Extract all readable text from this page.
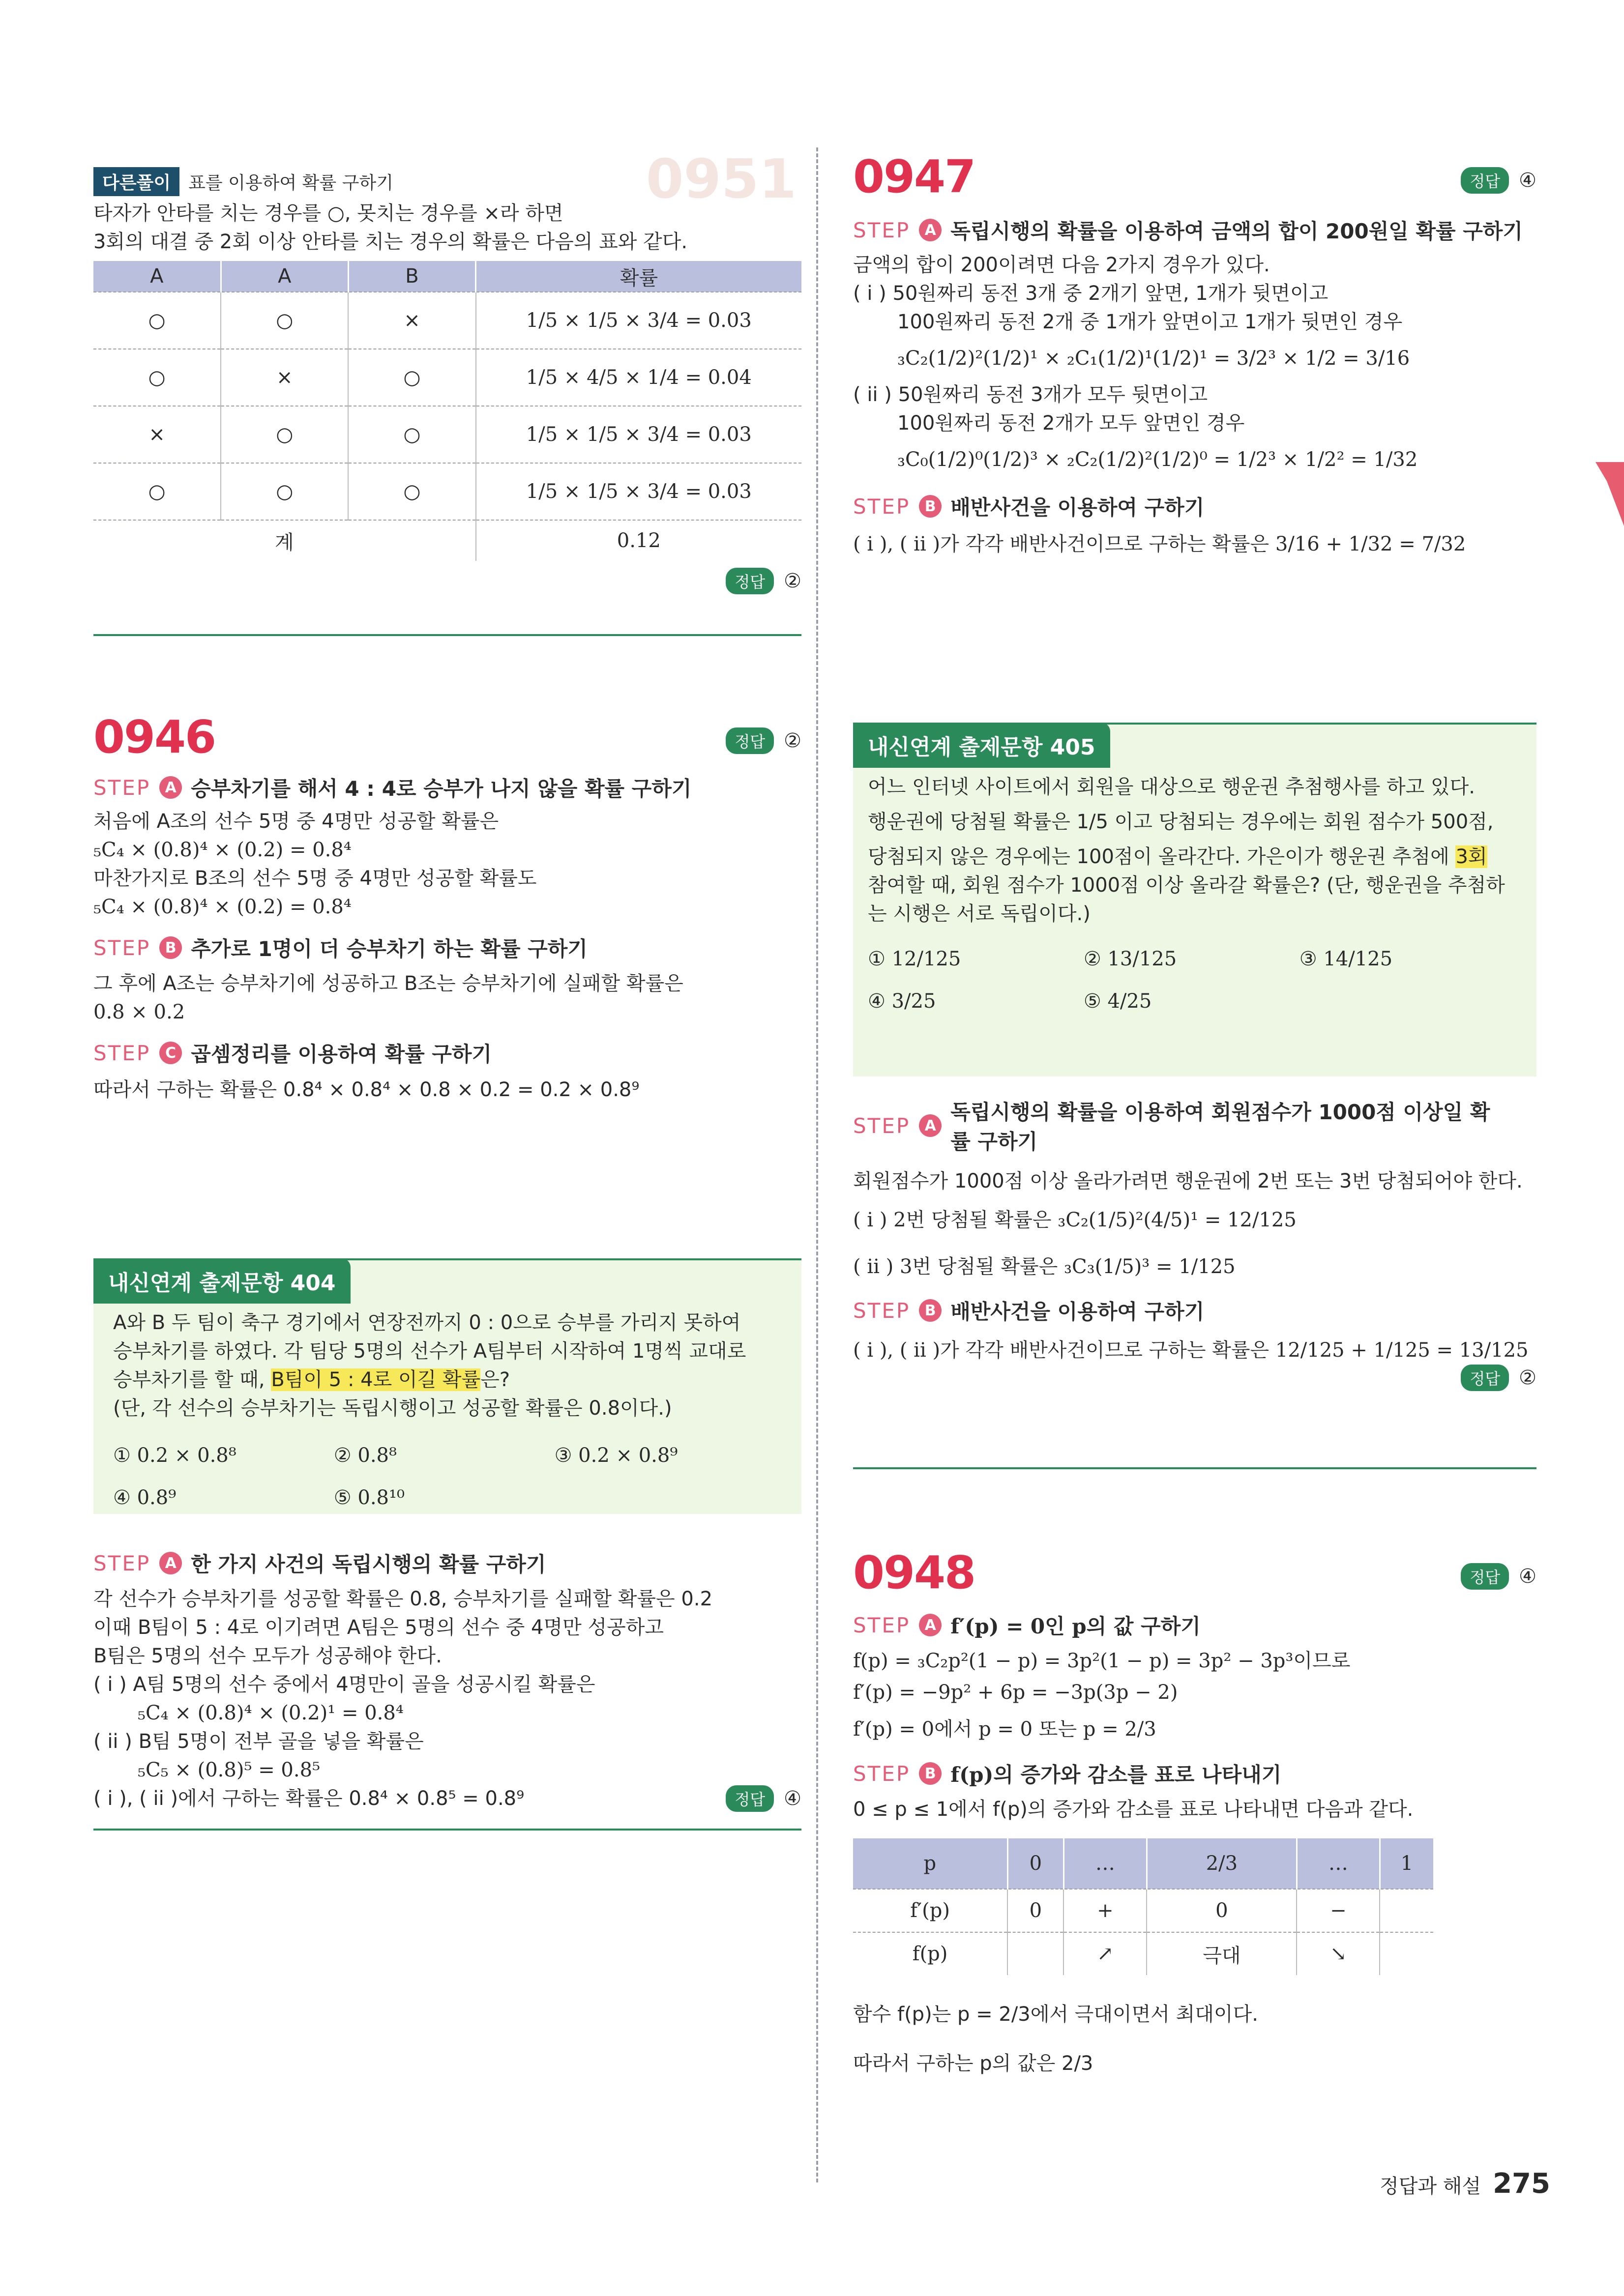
0951
다른풀이	표를 이용하여 확률 구하기
타자가 안타를 치는 경우를 ○, 못치는 경우를 ×라 하면
3회의 대결 중 2회 이상 안타를 치는 경우의 확률은 다음의 표와 같다.
A	A	B	확률
○	○	×	1/5 × 1/5 × 3/4 = 0.03
○	×	○	1/5 × 4/5 × 1/4 = 0.04
×	○	○	1/5 × 1/5 × 3/4 = 0.03
○	○	○	1/5 × 1/5 × 3/4 = 0.03
계			0.12
정답 ②
0946	정답 ②
STEP A 승부차기를 해서 4 : 4로 승부가 나지 않을 확률 구하기
처음에 A조의 선수 5명 중 4명만 성공할 확률은
₅C₄ × (0.8)⁴ × (0.2) = 0.8⁴
마찬가지로 B조의 선수 5명 중 4명만 성공할 확률도
₅C₄ × (0.8)⁴ × (0.2) = 0.8⁴
STEP B 추가로 1명이 더 승부차기 하는 확률 구하기
그 후에 A조는 승부차기에 성공하고 B조는 승부차기에 실패할 확률은
0.8 × 0.2
STEP C 곱셈정리를 이용하여 확률 구하기
따라서 구하는 확률은 0.8⁴ × 0.8⁴ × 0.8 × 0.2 = 0.2 × 0.8⁹
내신연계 출제문항 404
A와 B 두 팀이 축구 경기에서 연장전까지 0 : 0으로 승부를 가리지 못하여
승부차기를 하였다. 각 팀당 5명의 선수가 A팀부터 시작하여 1명씩 교대로
승부차기를 할 때, B팀이 5 : 4로 이길 확률은?
(단, 각 선수의 승부차기는 독립시행이고 성공할 확률은 0.8이다.)
① 0.2 × 0.8⁸	② 0.8⁸	③ 0.2 × 0.8⁹
④ 0.8⁹	⑤ 0.8¹⁰
STEP A 한 가지 사건의 독립시행의 확률 구하기
각 선수가 승부차기를 성공할 확률은 0.8, 승부차기를 실패할 확률은 0.2
이때 B팀이 5 : 4로 이기려면 A팀은 5명의 선수 중 4명만 성공하고
B팀은 5명의 선수 모두가 성공해야 한다.
( i ) A팀 5명의 선수 중에서 4명만이 골을 성공시킬 확률은
₅C₄ × (0.8)⁴ × (0.2)¹ = 0.8⁴
( ii ) B팀 5명이 전부 골을 넣을 확률은
₅C₅ × (0.8)⁵ = 0.8⁵
( i ), ( ii )에서 구하는 확률은 0.8⁴ × 0.8⁵ = 0.8⁹	정답 ④
0947	정답 ④
STEP A 독립시행의 확률을 이용하여 금액의 합이 200원일 확률 구하기
금액의 합이 200이려면 다음 2가지 경우가 있다.
( i ) 50원짜리 동전 3개 중 2개기 앞면, 1개가 뒷면이고
100원짜리 동전 2개 중 1개가 앞면이고 1개가 뒷면인 경우
₃C₂(1/2)²(1/2)¹ × ₂C₁(1/2)¹(1/2)¹ = 3/2³ × 1/2 = 3/16
( ii ) 50원짜리 동전 3개가 모두 뒷면이고
100원짜리 동전 2개가 모두 앞면인 경우
₃C₀(1/2)⁰(1/2)³ × ₂C₂(1/2)²(1/2)⁰ = 1/2³ × 1/2² = 1/32
STEP B 배반사건을 이용하여 구하기
( i ), ( ii )가 각각 배반사건이므로 구하는 확률은 3/16 + 1/32 = 7/32
내신연계 출제문항 405
어느 인터넷 사이트에서 회원을 대상으로 행운권 추첨행사를 하고 있다.
행운권에 당첨될 확률은 1/5 이고 당첨되는 경우에는 회원 점수가 500점,
당첨되지 않은 경우에는 100점이 올라간다. 가은이가 행운권 추첨에 3회
참여할 때, 회원 점수가 1000점 이상 올라갈 확률은? (단, 행운권을 추첨하
는 시행은 서로 독립이다.)
① 12/125	② 13/125	③ 14/125
④ 3/25	⑤ 4/25
STEP A
독립시행의 확률을 이용하여 회원점수가 1000점 이상일 확률 구하기
회원점수가 1000점 이상 올라가려면 행운권에 2번 또는 3번 당첨되어야 한다.
( i ) 2번 당첨될 확률은 ₃C₂(1/5)²(4/5)¹ = 12/125
( ii ) 3번 당첨될 확률은 ₃C₃(1/5)³ = 1/125
STEP B 배반사건을 이용하여 구하기
( i ), ( ii )가 각각 배반사건이므로 구하는 확률은 12/125 + 1/125 = 13/125
정답 ②
0948	정답 ④
STEP A f′(p) = 0인 p의 값 구하기
f(p) = ₃C₂p²(1 − p) = 3p²(1 − p) = 3p² − 3p³이므로
f′(p) = −9p² + 6p = −3p(3p − 2)
f′(p) = 0에서 p = 0 또는 p = 2/3
STEP B f(p)의 증가와 감소를 표로 나타내기
0 ≤ p ≤ 1에서 f(p)의 증가와 감소를 표로 나타내면 다음과 같다.
p	0	…	2/3	…	1
f′(p)	0	+	0	−	
f(p)		↗	극대	↘	
함수 f(p)는 p = 2/3에서 극대이면서 최대이다.
따라서 구하는 p의 값은 2/3
정답과 해설 275
